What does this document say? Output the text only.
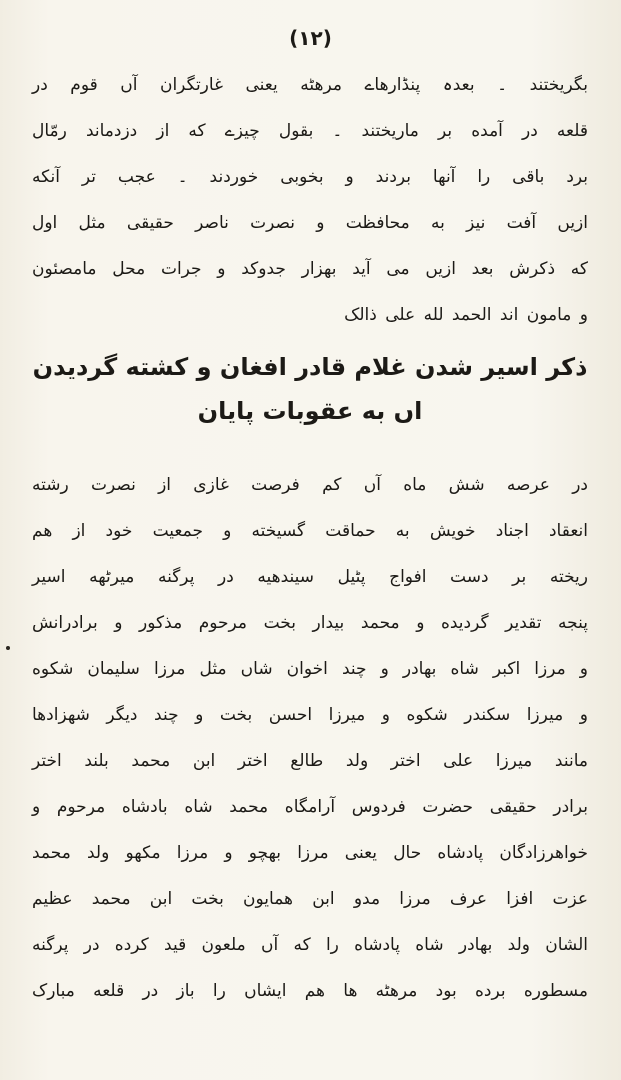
(۱۲)
بگریختند ۔ بعدہ پنڈارهاے مرهٹه یعنی غارتگران آں قوم در
قلعه در آمده بر ماریختند ۔ بقول چیزے که از دزدماند رمّال
برد باقی را آنها بردند و بخوبی خوردند ۔ عجب تر آنکه
ازیں آفت نیز به محافظت و نصرت ناصر حقیقی مثل اول
که ذکرش بعد ازیں می آید بهزار جدوکد و جرات محل مامصئون
و مامون اند الحمد لله علی ذالک
ذکر اسیر شدن غلام قادر افغان و کشته گردیدن
اں به عقوبات پایان
در عرصه شش ماه آں کم فرصت غازی از نصرت رشته
انعقاد اجناد خویش به حماقت گسیخته و جمعیت خود از هم
ریخته بر دست افواج پٹیل سیندهیه در پرگنه میرٹهه اسیر
پنجه تقدیر گردیده و محمد بیدار بخت مرحوم مذکور و برادرانش
و مرزا اکبر شاه بهادر و چند اخوان شاں مثل مرزا سلیمان شکوه
و میرزا سکندر شکوه و میرزا احسن بخت و چند دیگر شهزادها
مانند میرزا علی اختر ولد طالع اختر ابن محمد بلند اختر
برادر حقیقی حضرت فردوس آرامگاه محمد شاه بادشاه مرحوم و
خواهرزادگان پادشاه حال یعنی مرزا بهچو و مرزا مکهو ولد محمد
عزت افزا عرف مرزا مدو ابن همایون بخت ابن محمد عظیم
الشان ولد بهادر شاه پادشاه را که آں ملعون قید کرده در پرگنه
مسطوره برده بود مرهٹه ها هم ایشاں را باز در قلعه مبارک
